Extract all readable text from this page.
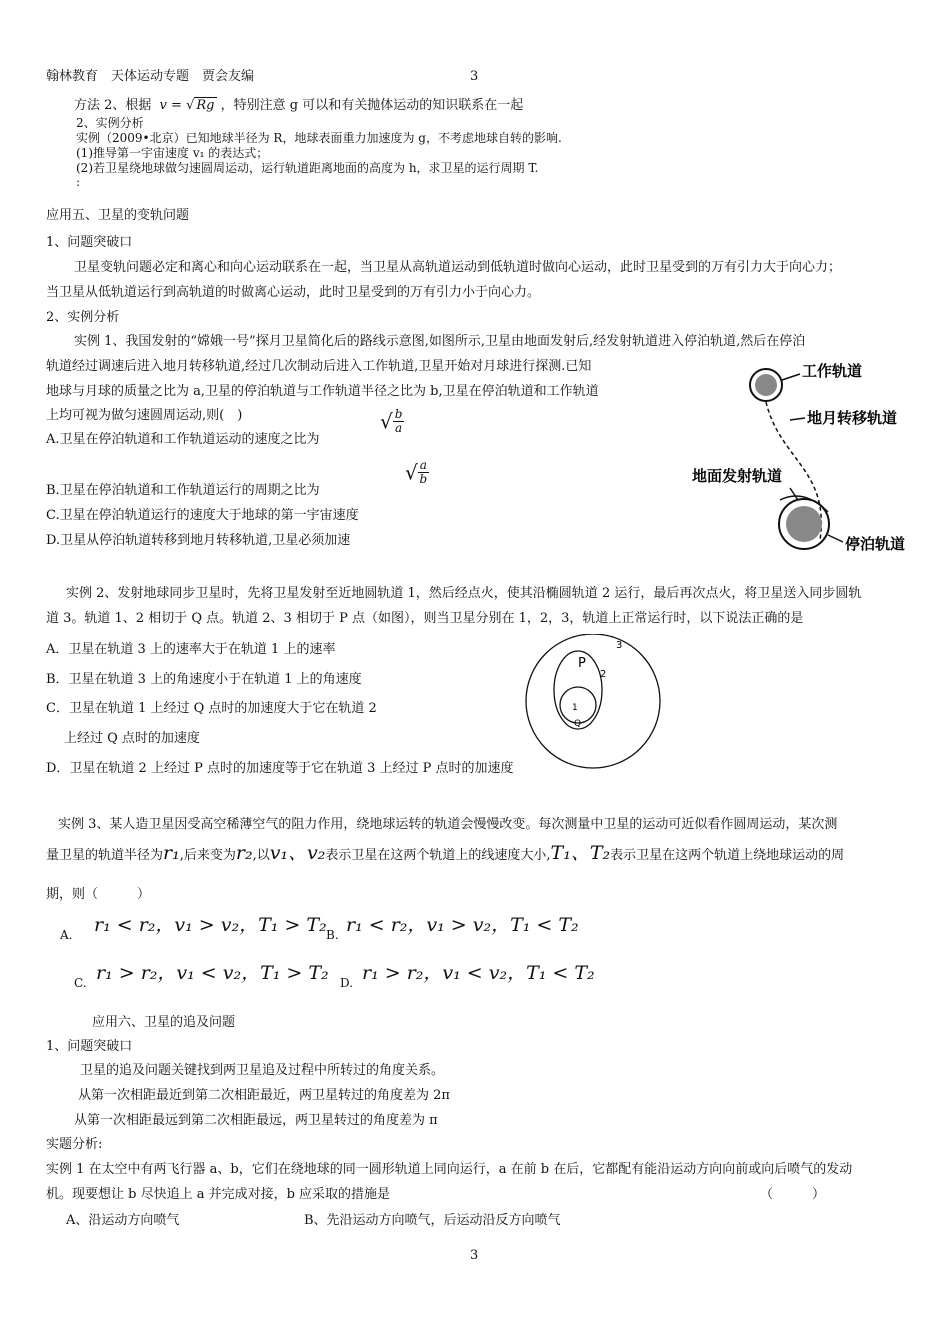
翰林教育　天体运动专题　贾会友编	3
方法 2、根据 v = √ Rg ，特别注意 g 可以和有关抛体运动的知识联系在一起
2、实例分析
实例（2009•北京）已知地球半径为 R，地球表面重力加速度为 g，不考虑地球自转的影响.
(1)推导第一宇宙速度 v₁ 的表达式；
(2)若卫星绕地球做匀速圆周运动，运行轨道距离地面的高度为 h，求卫星的运行周期 T.
:
应用五、卫星的变轨问题
1、问题突破口
卫星变轨问题必定和离心和向心运动联系在一起，当卫星从高轨道运动到低轨道时做向心运动，此时卫星受到的万有引力大于向心力；
当卫星从低轨道运行到高轨道的时做离心运动，此时卫星受到的万有引力小于向心力。
2、实例分析
实例 1、我国发射的“嫦娥一号”探月卫星简化后的路线示意图,如图所示,卫星由地面发射后,经发射轨道进入停泊轨道,然后在停泊
轨道经过调速后进入地月转移轨道,经过几次制动后进入工作轨道,卫星开始对月球进行探测.已知
地球与月球的质量之比为 a,卫星的停泊轨道与工作轨道半径之比为 b,卫星在停泊轨道和工作轨道
上均可视为做匀速圆周运动,则(　)
A.卫星在停泊轨道和工作轨道运动的速度之比为
√ $\frac{b}{a}$
B.卫星在停泊轨道和工作轨道运行的周期之比为
√ $\frac{a}{b}$
C.卫星在停泊轨道运行的速度大于地球的第一宇宙速度
D.卫星从停泊轨道转移到地月转移轨道,卫星必须加速
工作轨道
地月转移轨道
地面发射轨道
停泊轨道
实例 2、发射地球同步卫星时，先将卫星发射至近地圆轨道 1，然后经点火，使其沿椭圆轨道 2 运行，最后再次点火，将卫星送入同步圆轨
道 3。轨道 1、2 相切于 Q 点。轨道 2、3 相切于 P 点（如图），则当卫星分别在 1，2，3，轨道上正常运行时，以下说法正确的是
A．卫星在轨道 3 上的速率大于在轨道 1 上的速率
B．卫星在轨道 3 上的角速度小于在轨道 1 上的角速度
C．卫星在轨道 1 上经过 Q 点时的加速度大于它在轨道 2
上经过 Q 点时的加速度
D．卫星在轨道 2 上经过 P 点时的加速度等于它在轨道 3 上经过 P 点时的加速度
3
P
2
1
Q
实例 3、某人造卫星因受高空稀薄空气的阻力作用，绕地球运转的轨道会慢慢改变。每次测量中卫星的运动可近似看作圆周运动，某次测
量卫星的轨道半径为r₁,后来变为r₂,以v₁、v₂表示卫星在这两个轨道上的线速度大小,T₁、T₂表示卫星在这两个轨道上绕地球运动的周
期，则（　　　）
A. r₁ < r₂，v₁ > v₂，T₁ > T₂ B. r₁ < r₂，v₁ > v₂，T₁ < T₂
C. r₁ > r₂，v₁ < v₂，T₁ > T₂ D. r₁ > r₂，v₁ < v₂，T₁ < T₂
应用六、卫星的追及问题
1、问题突破口
卫星的追及问题关键找到两卫星追及过程中所转过的角度关系。
从第一次相距最近到第二次相距最近，两卫星转过的角度差为 2π
从第一次相距最远到第二次相距最远，两卫星转过的角度差为 π
实题分析:
实例 1 在太空中有两飞行器 a、b，它们在绕地球的同一圆形轨道上同向运行，a 在前 b 在后，它都配有能沿运动方向向前或向后喷气的发动
机。现要想让 b 尽快追上 a 并完成对接，b 应采取的措施是	（　　　）
A、沿运动方向喷气	B、先沿运动方向喷气，后运动沿反方向喷气
3
